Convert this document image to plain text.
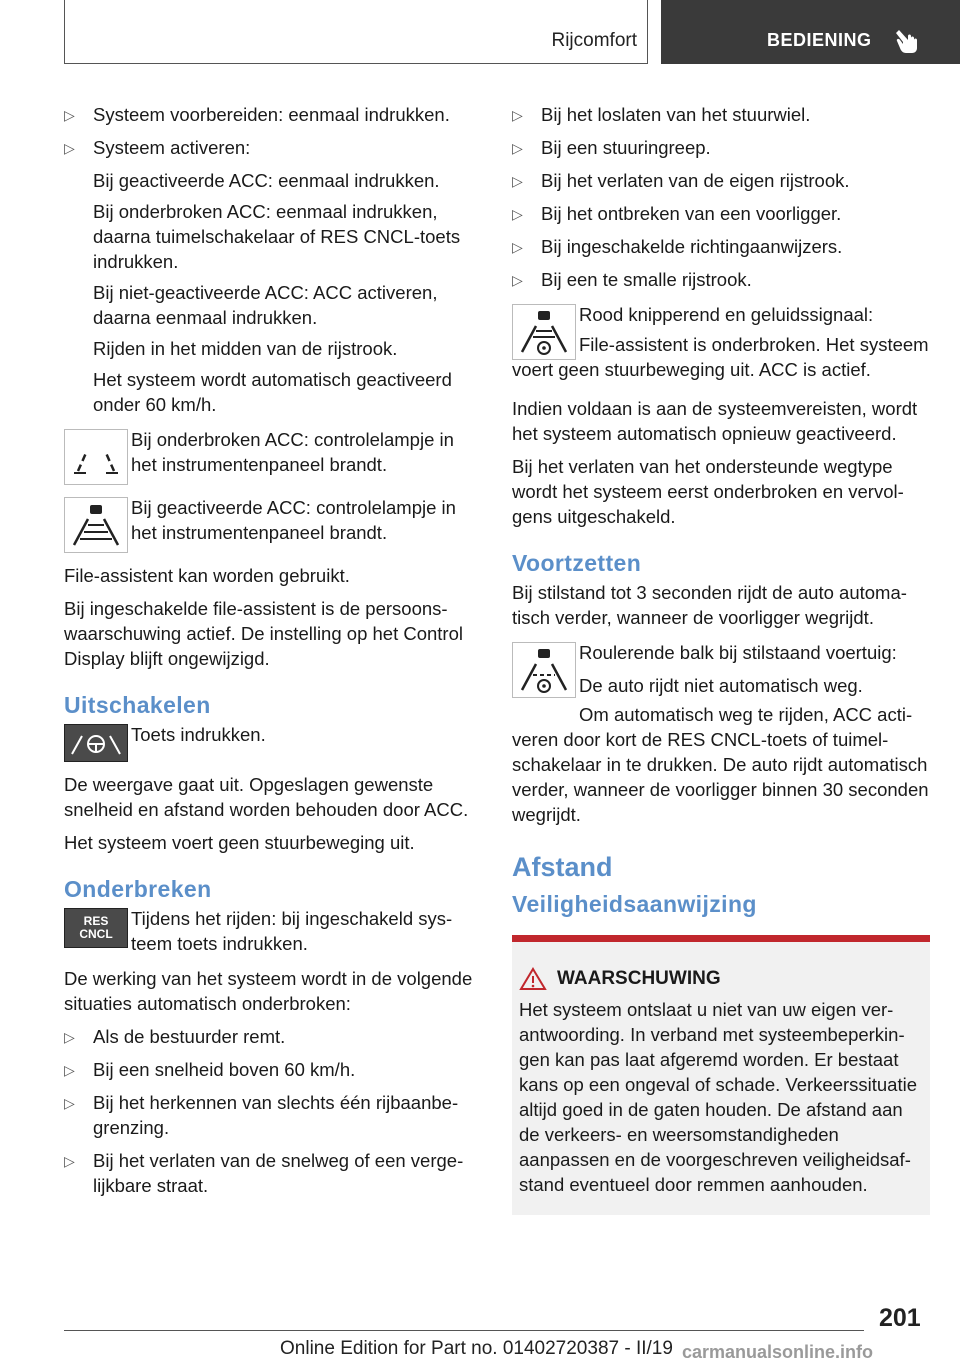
Rijcomfort	BEDIENING
▷ Systeem voorbereiden: eenmaal indrukken.
▷ Systeem activeren:

Bij geactiveerde ACC: eenmaal indrukken.

Bij onderbroken ACC: eenmaal indrukken, daarna tuimelschakelaar of RES CNCL-toets indrukken.

Bij niet-geactiveerde ACC: ACC activeren, daarna eenmaal indrukken.

Rijden in het midden van de rijstrook.

Het systeem wordt automatisch geactiveerd onder 60 km/h.

Bij onderbroken ACC: controlelampje in het instrumentenpaneel brandt.
Bij geactiveerde ACC: controlelampje in het instrumentenpaneel brandt.

File-assistent kan worden gebruikt.

Bij ingeschakelde file-assistent is de persoonswaarschuwing actief. De instelling op het Control Display blijft ongewijzigd.

Uitschakelen
Toets indrukken.

De weergave gaat uit. Opgeslagen gewenste snelheid en afstand worden behouden door ACC.

Het systeem voert geen stuurbeweging uit.

Onderbreken
RES
CNCL
Tijdens het rijden: bij ingeschakeld systeem toets indrukken.

De werking van het systeem wordt in de volgende situaties automatisch onderbroken:

▷ Als de bestuurder remt.
▷ Bij een snelheid boven 60 km/h.
▷ Bij het herkennen van slechts één rijbaanbegrenzing.
▷ Bij het verlaten van de snelweg of een vergelijkbare straat.
▷ Bij het loslaten van het stuurwiel.
▷ Bij een stuuringreep.
▷ Bij het verlaten van de eigen rijstrook.
▷ Bij het ontbreken van een voorligger.
▷ Bij ingeschakelde richtingaanwijzers.
▷ Bij een te smalle rijstrook.

Rood knipperend en geluidssignaal:

File-assistent is onderbroken. Het systeem voert geen stuurbeweging uit. ACC is actief.

Indien voldaan is aan de systeemvereisten, wordt het systeem automatisch opnieuw geactiveerd.

Bij het verlaten van het ondersteunde wegtype wordt het systeem eerst onderbroken en vervolgens uitgeschakeld.

Voortzetten

Bij stilstand tot 3 seconden rijdt de auto automatisch verder, wanneer de voorligger wegrijdt.

Roulerende balk bij stilstaand voertuig:

De auto rijdt niet automatisch weg.

Om automatisch weg te rijden, ACC activeren door kort de RES CNCL-toets of tuimelschakelaar in te drukken. De auto rijdt automatisch verder, wanneer de voorligger binnen 30 seconden wegrijdt.

Afstand
Veiligheidsaanwijzing
WAARSCHUWING
Het systeem ontslaat u niet van uw eigen verantwoording. In verband met systeembeperkingen kan pas laat afgeremd worden. Er bestaat kans op een ongeval of schade. Verkeerssituatie altijd goed in de gaten houden. De afstand aan de verkeers- en weersomstandigheden aanpassen en de voorgeschreven veiligheidsafstand eventueel door remmen aanhouden.
201
Online Edition for Part no. 01402720387 - II/19 carmanualsonline.info
